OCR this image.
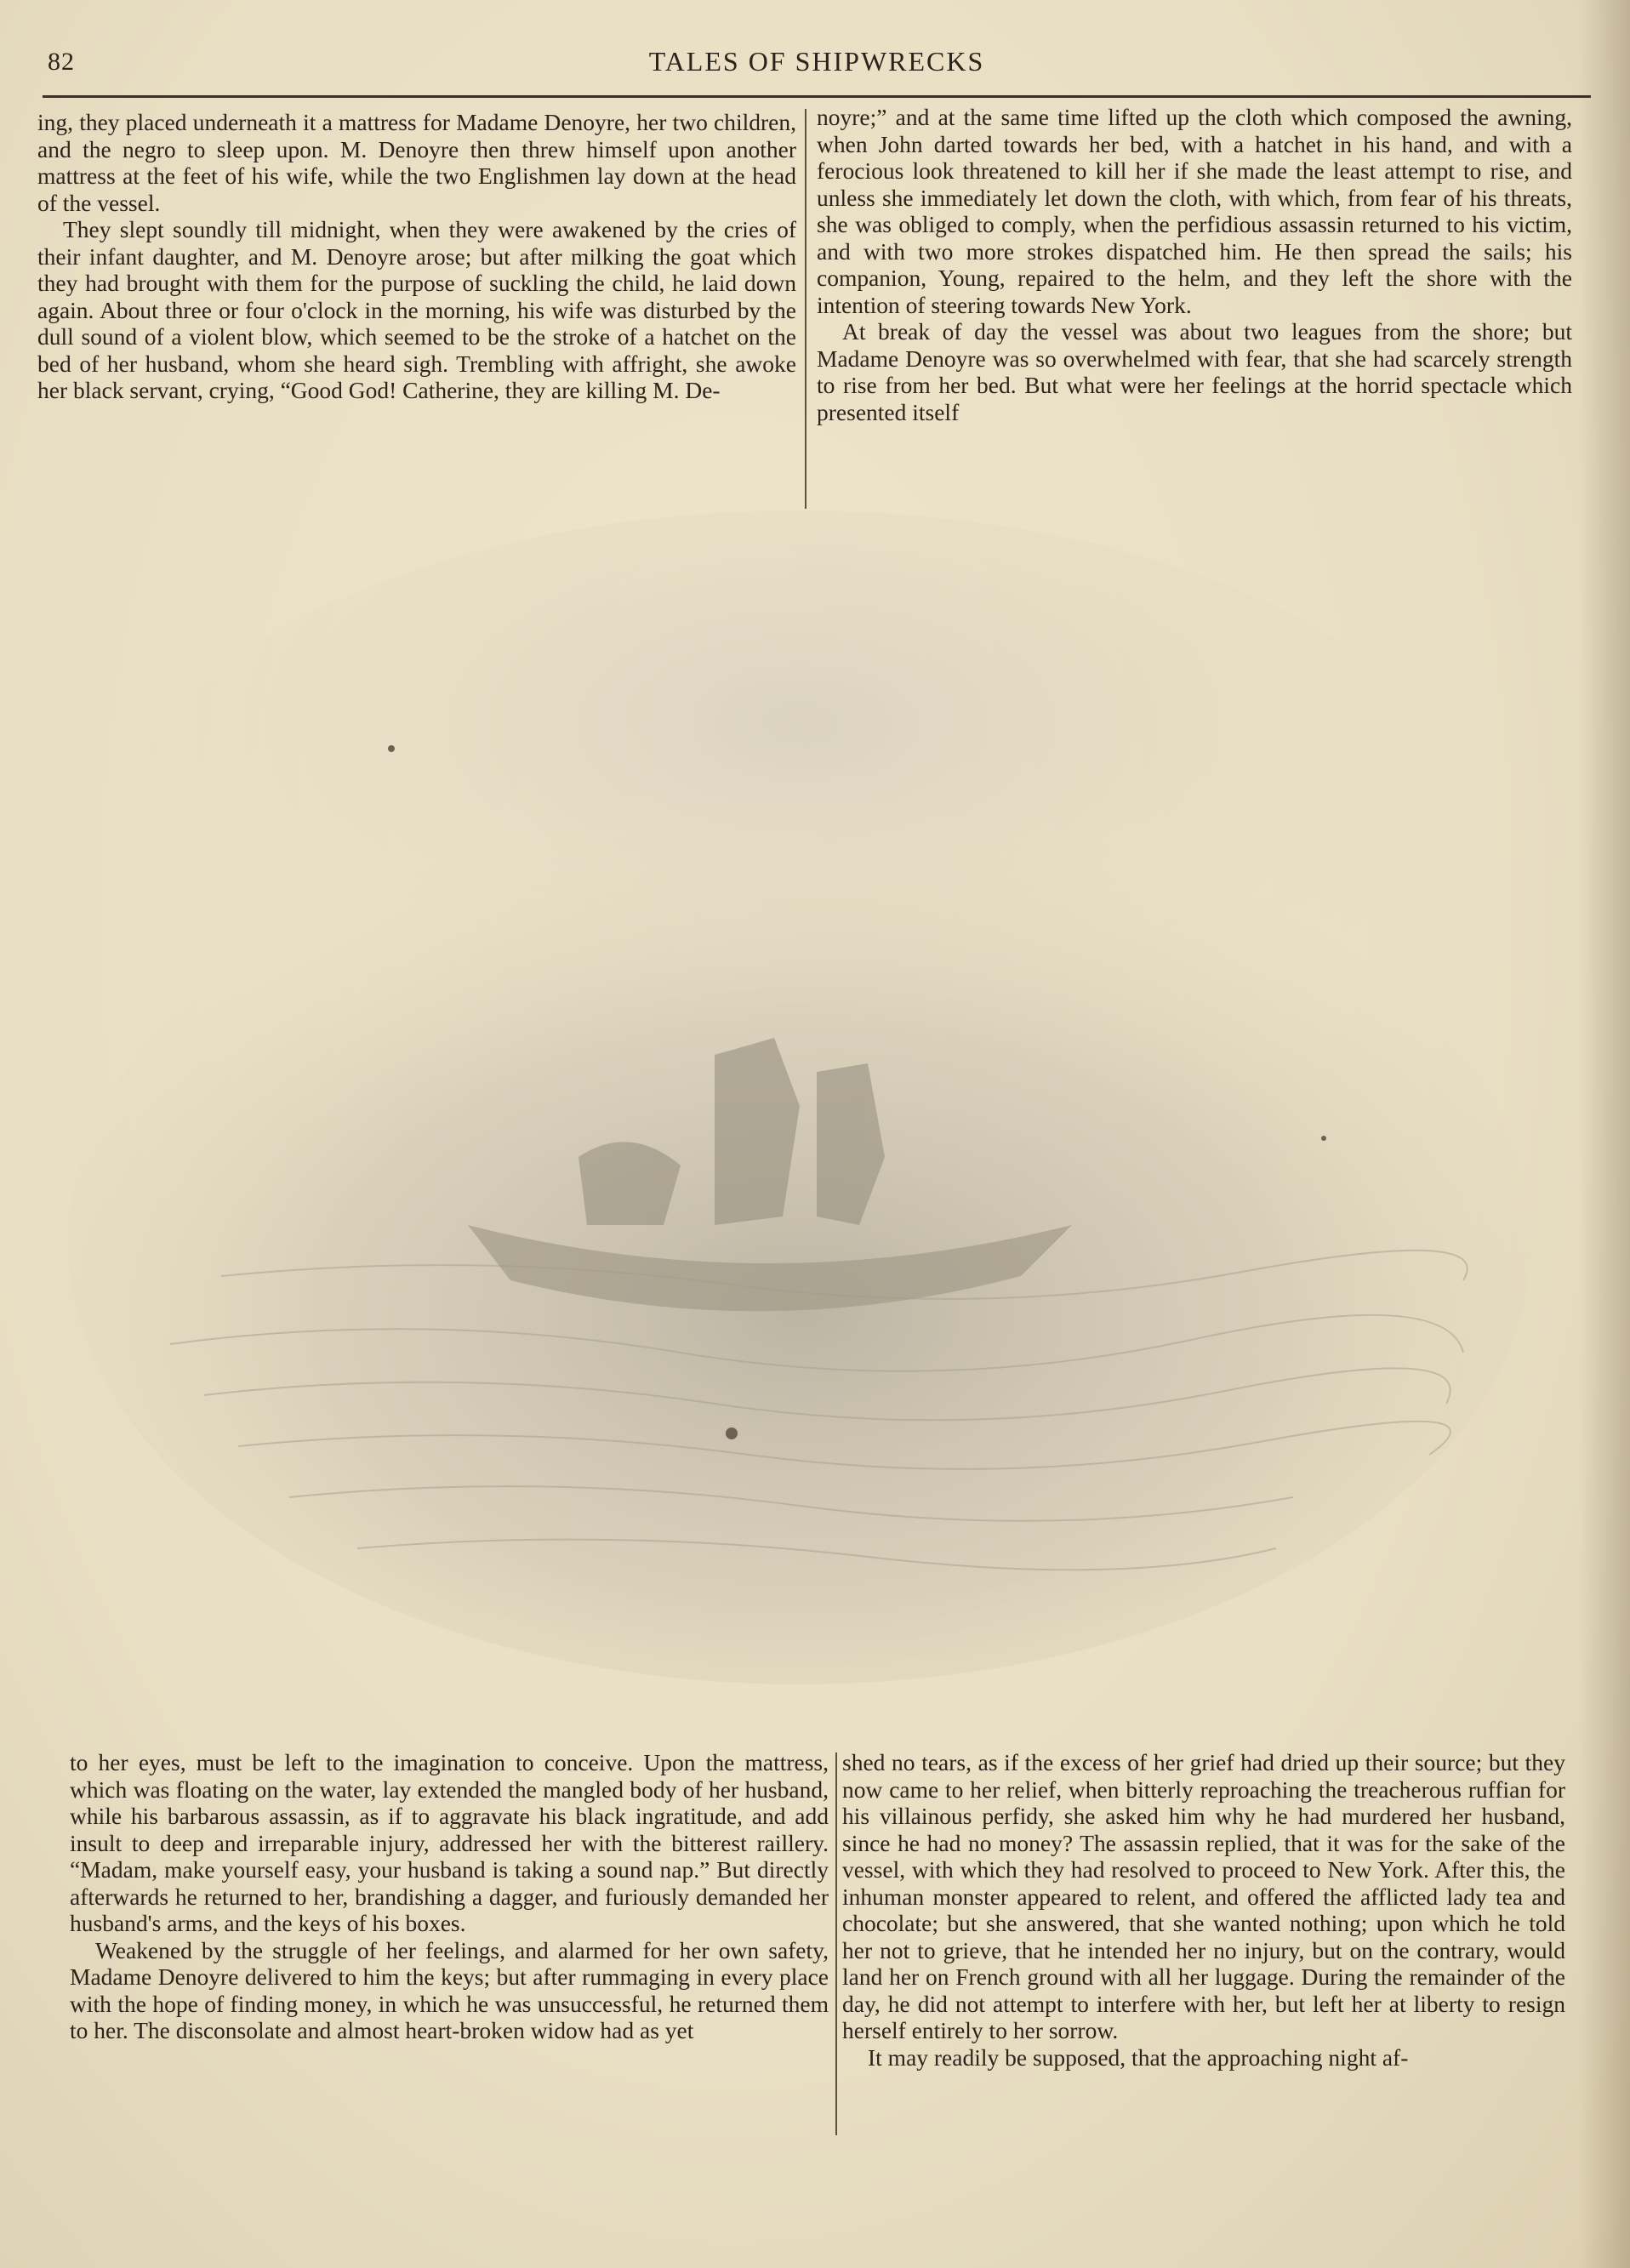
82	TALES OF SHIPWRECKS

ing, they placed underneath it a mattress for Madame Denoyre, her two children, and the negro to sleep upon. M. Denoyre then threw himself upon another mattress at the feet of his wife, while the two Englishmen lay down at the head of the vessel.

They slept soundly till midnight, when they were awakened by the cries of their infant daughter, and M. Denoyre arose; but after milking the goat which they had brought with them for the purpose of suckling the child, he laid down again. About three or four o'clock in the morning, his wife was disturbed by the dull sound of a violent blow, which seemed to be the stroke of a hatchet on the bed of her husband, whom she heard sigh. Trembling with affright, she awoke her black servant, crying, “Good God! Catherine, they are killing M. De-

noyre;” and at the same time lifted up the cloth which composed the awning, when John darted towards her bed, with a hatchet in his hand, and with a ferocious look threatened to kill her if she made the least attempt to rise, and unless she immediately let down the cloth, with which, from fear of his threats, she was obliged to comply, when the perfidious assassin returned to his victim, and with two more strokes dispatched him. He then spread the sails; his companion, Young, repaired to the helm, and they left the shore with the intention of steering towards New York.

At break of day the vessel was about two leagues from the shore; but Madame Denoyre was so overwhelmed with fear, that she had scarcely strength to rise from her bed. But what were her feelings at the horrid spectacle which presented itself

to her eyes, must be left to the imagination to conceive. Upon the mattress, which was floating on the water, lay extended the mangled body of her husband, while his barbarous assassin, as if to aggravate his black ingratitude, and add insult to deep and irreparable injury, addressed her with the bitterest raillery. “Madam, make yourself easy, your husband is taking a sound nap.” But directly afterwards he returned to her, brandishing a dagger, and furiously demanded her husband's arms, and the keys of his boxes.

Weakened by the struggle of her feelings, and alarmed for her own safety, Madame Denoyre delivered to him the keys; but after rummaging in every place with the hope of finding money, in which he was unsuccessful, he returned them to her. The disconsolate and almost heart-broken widow had as yet

shed no tears, as if the excess of her grief had dried up their source; but they now came to her relief, when bitterly reproaching the treacherous ruffian for his villainous perfidy, she asked him why he had murdered her husband, since he had no money? The assassin replied, that it was for the sake of the vessel, with which they had resolved to proceed to New York. After this, the inhuman monster appeared to relent, and offered the afflicted lady tea and chocolate; but she answered, that she wanted nothing; upon which he told her not to grieve, that he intended her no injury, but on the contrary, would land her on French ground with all her luggage. During the remainder of the day, he did not attempt to interfere with her, but left her at liberty to resign herself entirely to her sorrow.

It may readily be supposed, that the approaching night af-
